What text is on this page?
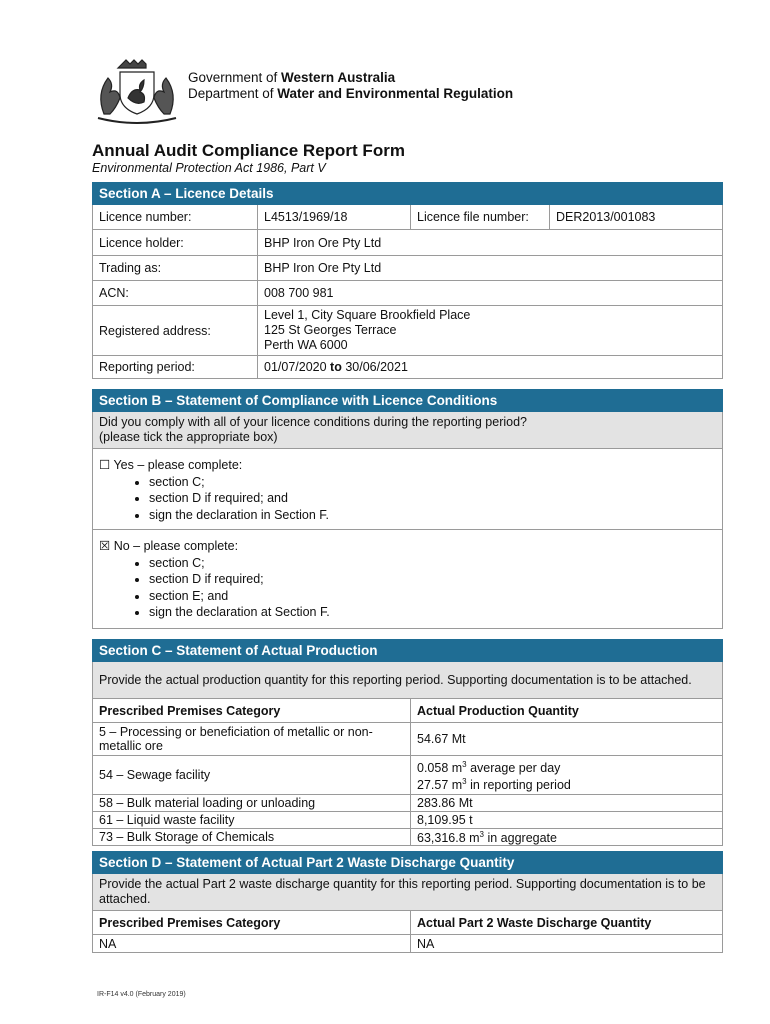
Government of Western Australia
Department of Water and Environmental Regulation
Annual Audit Compliance Report Form
Environmental Protection Act 1986, Part V
Section A – Licence Details			
Licence number:	L4513/1969/18	Licence file number:	DER2013/001083
Licence holder:	BHP Iron Ore Pty Ltd		
Trading as:	BHP Iron Ore Pty Ltd		
ACN:	008 700 981		
Registered address:	Level 1, City Square Brookfield Place
125 St Georges Terrace
Perth WA 6000		

Reporting period:	01/07/2020 to 30/06/2021		
Section B – Statement of Compliance with Licence Conditions

Did you comply with all of your licence conditions during the reporting period?
(please tick the appropriate box)

☐ Yes – please complete:
• section C;
• section D if required; and
• sign the declaration in Section F.

☒ No – please complete:
• section C;
• section D if required;
• section E; and
• sign the declaration at Section F.
Section C – Statement of Actual Production	
Provide the actual production quantity for this reporting period. Supporting documentation is to be attached.	
Prescribed Premises Category	Actual Production Quantity
5 – Processing or beneficiation of metallic or non-metallic ore	54.67 Mt
54 – Sewage facility	0.058 $m^3$ average per day
27.57 $m^3$ in reporting period

58 – Bulk material loading or unloading	283.86 Mt
61 – Liquid waste facility	8,109.95 t
73 – Bulk Storage of Chemicals	63,316.8 $m^3$ in aggregate
Section D – Statement of Actual Part 2 Waste Discharge Quantity	
Provide the actual Part 2 waste discharge quantity for this reporting period. Supporting documentation is to be attached.	
Prescribed Premises Category	Actual Part 2 Waste Discharge Quantity
NA	NA
IR-F14 v4.0 (February 2019)
